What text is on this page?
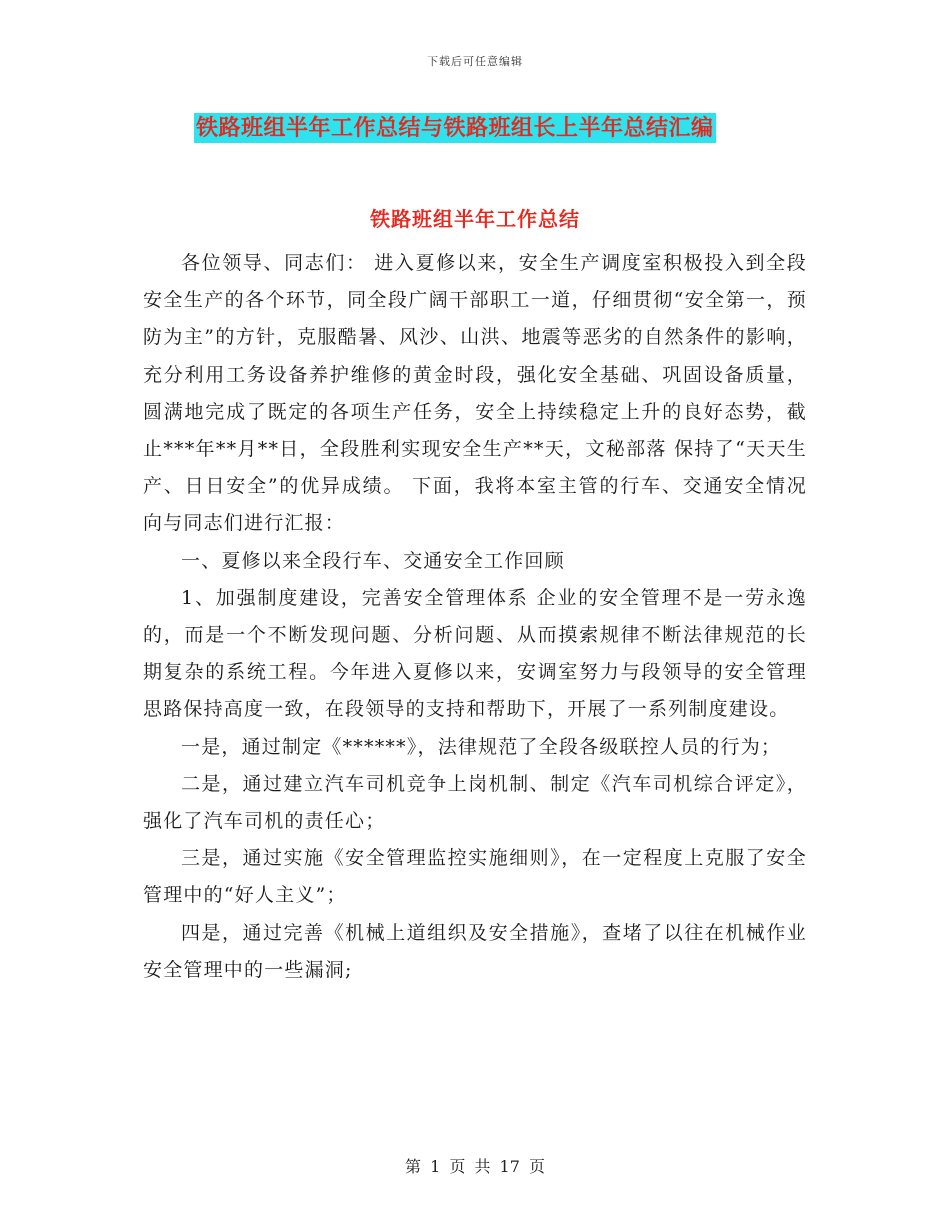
下载后可任意编辑
铁路班组半年工作总结与铁路班组长上半年总结汇编
铁路班组半年工作总结

各位领导、同志们： 进入夏修以来，安全生产调度室积极投入到全段安全生产的各个环节，同全段广阔干部职工一道，仔细贯彻“安全第一，预防为主”的方针，克服酷暑、风沙、山洪、地震等恶劣的自然条件的影响，充分利用工务设备养护维修的黄金时段，强化安全基础、巩固设备质量，圆满地完成了既定的各项生产任务，安全上持续稳定上升的良好态势，截止***年**月**日，全段胜利实现安全生产**天，文秘部落 保持了“天天生产、日日安全”的优异成绩。 下面，我将本室主管的行车、交通安全情况向与同志们进行汇报：

一、夏修以来全段行车、交通安全工作回顾

1、加强制度建设，完善安全管理体系 企业的安全管理不是一劳永逸的，而是一个不断发现问题、分析问题、从而摸索规律不断法律规范的长期复杂的系统工程。今年进入夏修以来，安调室努力与段领导的安全管理思路保持高度一致，在段领导的支持和帮助下，开展了一系列制度建设。

一是，通过制定《******》，法律规范了全段各级联控人员的行为；

二是，通过建立汽车司机竞争上岗机制、制定《汽车司机综合评定》，强化了汽车司机的责任心；

三是，通过实施《安全管理监控实施细则》，在一定程度上克服了安全管理中的“好人主义”；

四是，通过完善《机械上道组织及安全措施》，查堵了以往在机械作业安全管理中的一些漏洞;

第 1 页 共 17 页
